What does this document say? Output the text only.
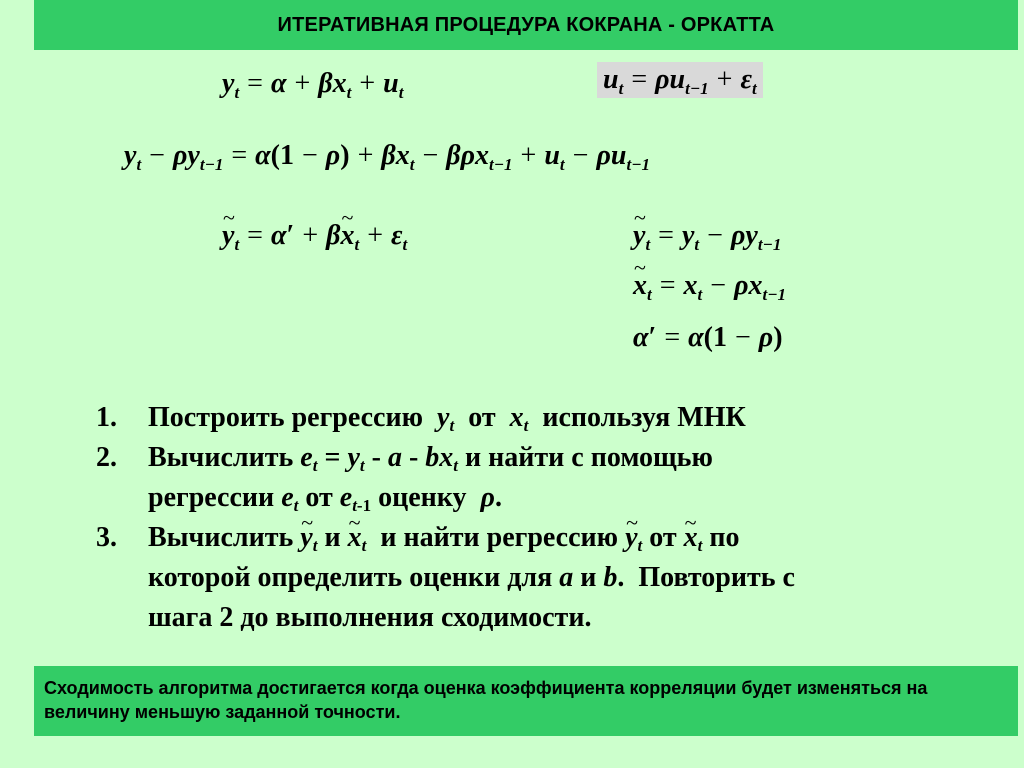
ИТЕРАТИВНАЯ ПРОЦЕДУРА КОКРАНА - ОРКАТТА
$y_t = \alpha + \beta x_t + u_t$	$u_t = \rho u_{t-1} + \varepsilon_t$
$y_t - \rho y_{t-1} = \alpha(1 - \rho) + \beta x_t - \beta\rho x_{t-1} + u_t - \rho u_{t-1}$
~ $y_t = \alpha'$ + β~ $x_t + \varepsilon_t$	~ $y_t = y_t - \rho y_{t-1}$
~ $x_t = x_t - \rho x_{t-1}$
α′ = α(1 − ρ)
1.	Построить регрессию $y_t$ от $x_t$ используя МНК
2.	Вычислить $e_t = y_t - a - bx_t$ и найти с помощью
регрессии $e_t$ от $e_{t-1}$ оценку ρ.
3.	Вычислить ~ $y_t$ и ~ $x_t$ и найти регрессию ~ $y_t$ от ~ $x_t$ по
которой определить оценки для a и b.  Повторить с
шага 2 до выполнения сходимости.
Сходимость алгоритма достигается когда оценка коэффициента корреляции будет изменяться на величину меньшую заданной точности.
